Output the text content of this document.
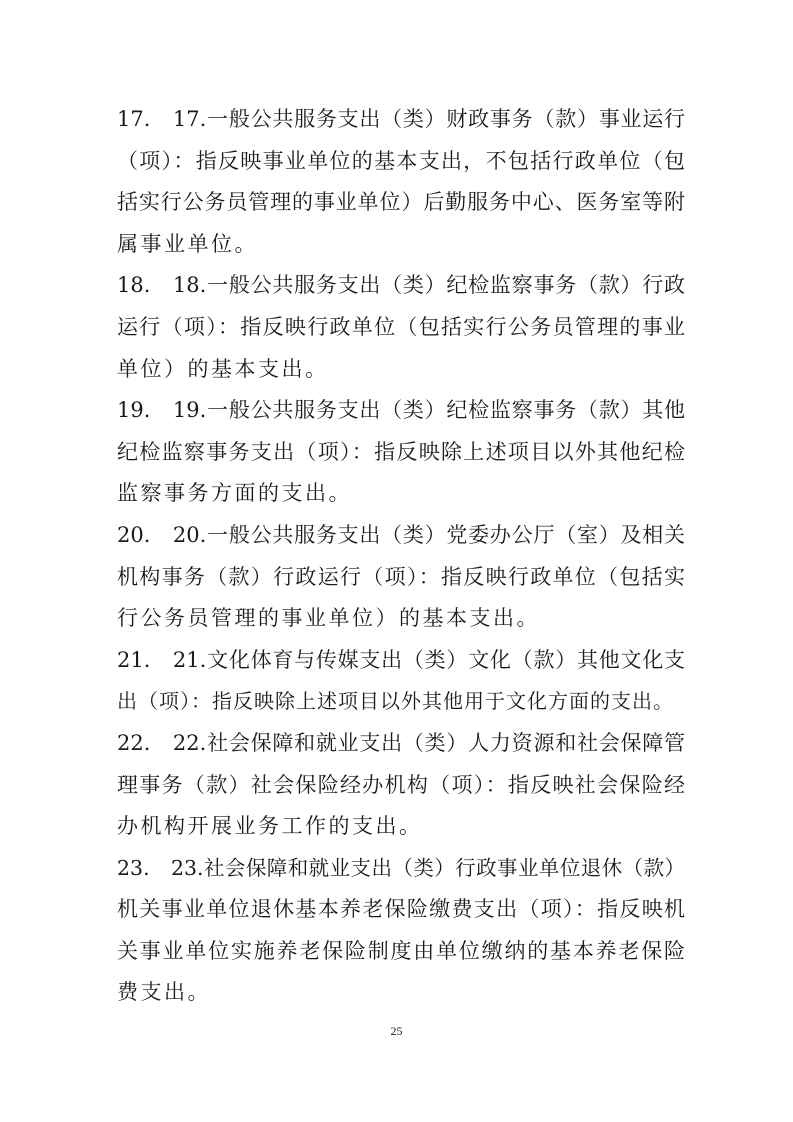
17.　17.一般公共服务支出（类）财政事务（款）事业运行
（项）：指反映事业单位的基本支出，不包括行政单位（包
括实行公务员管理的事业单位）后勤服务中心、医务室等附
属事业单位。
18.　18.一般公共服务支出（类）纪检监察事务（款）行政
运行（项）：指反映行政单位（包括实行公务员管理的事业
单位）的基本支出。
19.　19.一般公共服务支出（类）纪检监察事务（款）其他
纪检监察事务支出（项）：指反映除上述项目以外其他纪检
监察事务方面的支出。
20.　20.一般公共服务支出（类）党委办公厅（室）及相关
机构事务（款）行政运行（项）：指反映行政单位（包括实
行公务员管理的事业单位）的基本支出。
21.　21.文化体育与传媒支出（类）文化（款）其他文化支
出（项）：指反映除上述项目以外其他用于文化方面的支出。
22.　22.社会保障和就业支出（类）人力资源和社会保障管
理事务（款）社会保险经办机构（项）：指反映社会保险经
办机构开展业务工作的支出。
23.　23.社会保障和就业支出（类）行政事业单位退休（款）
机关事业单位退休基本养老保险缴费支出（项）：指反映机
关事业单位实施养老保险制度由单位缴纳的基本养老保险
费支出。
25
